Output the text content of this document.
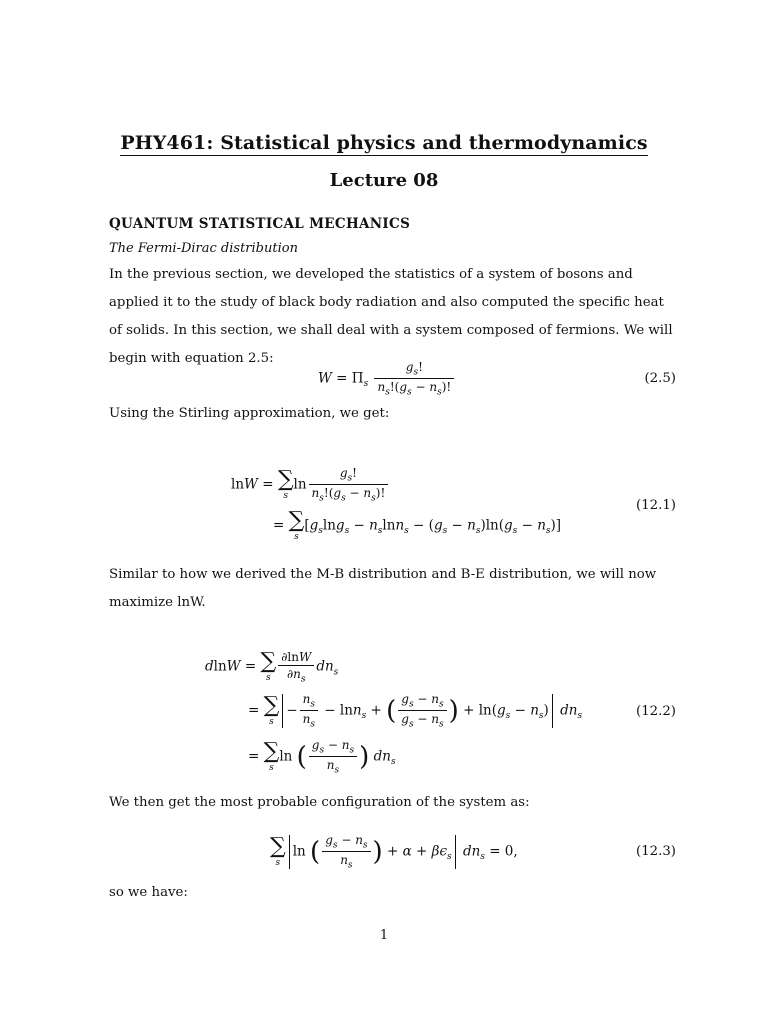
PHY461: Statistical physics and thermodynamics
Lecture 08
QUANTUM STATISTICAL MECHANICS
The Fermi-Dirac distribution

In the previous section, we developed the statistics of a system of bosons and applied it to the study of black body radiation and also computed the specific heat of solids. In this section, we shall deal with a system composed of fermions. We will begin with equation 2.5:

$W = \Pi_s \frac{g_s!}{n_s!(g_s - n_s)!}$	(2.5)

Using the Stirling approximation, we get:

lnW = ∑
s
$\ln \frac{g_s!}{n_s!(g_s - n_s)!}$
= ∑
s
$[g_s\ln g_s - n_s\ln n_s - (g_s - n_s)\ln(g_s - n_s)]$
(12.1)

Similar to how we derived the M-B distribution and B-E distribution, we will now maximize lnW.

dlnW = ∑
s $\frac{\partial\ln W}{\partial n_s} dn_s$
= ∑
s
− $\frac{n_s}{n_s} - \ln n_s$ + ( $\frac{g_s - n_s}{g_s - n_s}$ ) + $\ln(g_s - n_s)$ $dn_s$
= ∑
s
ln ( $\frac{g_s - n_s}{n_s}$ ) $dn_s$
(12.2)

We then get the most probable configuration of the system as:

∑
s
ln ( $\frac{g_s - n_s}{n_s}$ ) + $\alpha + \beta\epsilon_s$ $dn_s = 0$,	(12.3)

so we have:

1
